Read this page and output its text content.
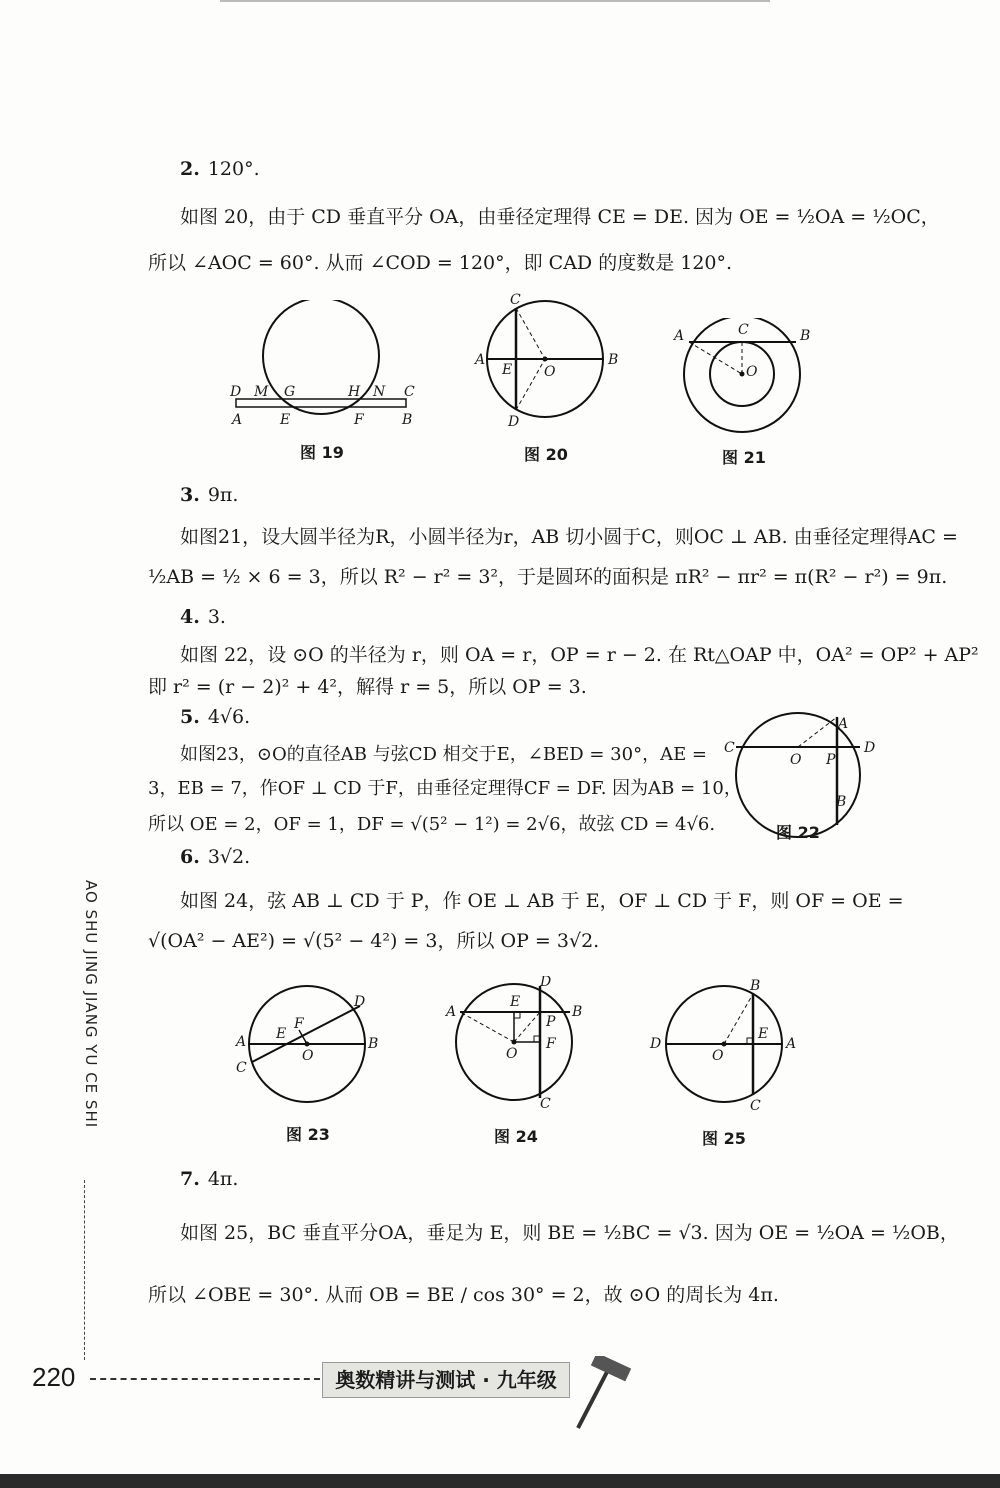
2. 120°.
如图 20，由于 CD 垂直平分 OA，由垂径定理得 CE = DE. 因为 OE = ½OA = ½OC，
所以 ∠AOC = 60°. 从而 ∠COD = 120°，即 CAD 的度数是 120°.
D M G	H N C
A	E	F	B
图 19
C
A
E O
B
D
图 20
A	C	B
O
图 21
3. 9π.
如图21，设大圆半径为R，小圆半径为r，AB 切小圆于C，则OC ⊥ AB. 由垂径定理得AC =
½AB = ½ × 6 = 3，所以 R² − r² = 3²，于是圆环的面积是 πR² − πr² = π(R² − r²) = 9π.
4. 3.
如图 22，设 ⊙O 的半径为 r，则 OA = r，OP = r − 2. 在 Rt△OAP 中，OA² = OP² + AP²
即 r² = (r − 2)² + 4²，解得 r = 5，所以 OP = 3.
5. 4√6.
如图23，⊙O的直径AB 与弦CD 相交于E，∠BED = 30°，AE =
3，EB = 7，作OF ⊥ CD 于F，由垂径定理得CF = DF. 因为AB = 10，
所以 OE = 2，OF = 1，DF = √(5² − 1²) = 2√6，故弦 CD = 4√6.
A
C
O P
D
B
图 22
6. 3√2.
如图 24，弦 AB ⊥ CD 于 P，作 OE ⊥ AB 于 E，OF ⊥ CD 于 F，则 OF = OE =
√(OA² − AE²) = √(5² − 4²) = 3，所以 OP = 3√2.
D
E
F
A
O
B
C
图 23
D
A
E
B
P
O
F
C
图 24
B
D
O
E
A
C
图 25
7. 4π.
如图 25，BC 垂直平分OA，垂足为 E，则 BE = ½BC = √3. 因为 OE = ½OA = ½OB，
所以 ∠OBE = 30°. 从而 OB = BE / cos 30° = 2，故 ⊙O 的周长为 4π.
AO SHU JING JIANG YU CE SHI
220	奥数精讲与测试 · 九年级
